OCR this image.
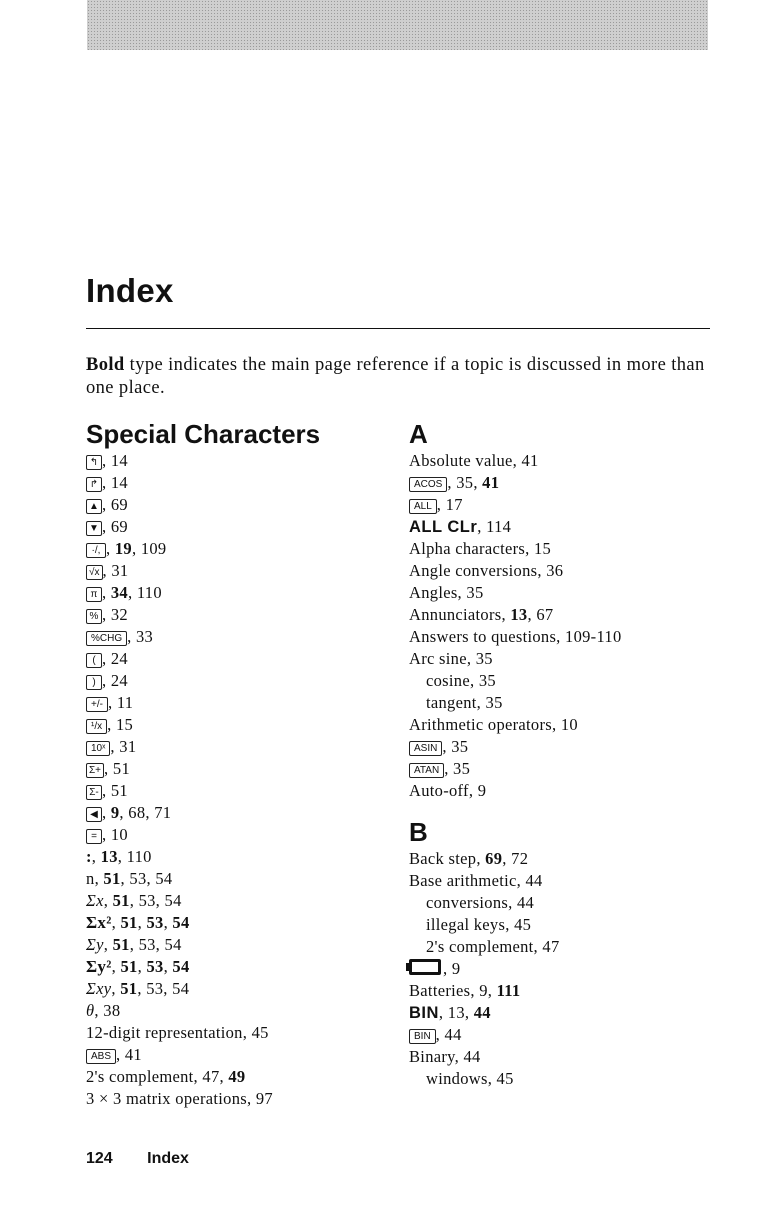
Index

Bold type indicates the main page reference if a topic is discussed in more than one place.

Special Characters
↰ , 14
↱ , 14
▲ , 69
▼ , 69
·/, , 19, 109
√x , 31
π , 34, 110
% , 32
%CHG , 33
( , 24
) , 24
+/- , 11
¹/x , 15
10ˣ , 31
Σ+ , 51
Σ- , 51
◀ , 9, 68, 71
= , 10
:, 13, 110
n, 51, 53, 54
Σx, 51, 53, 54
Σx², 51, 53, 54
Σy, 51, 53, 54
Σy², 51, 53, 54
Σxy, 51, 53, 54
θ, 38
12-digit representation, 45
ABS , 41
2's complement, 47, 49
3 × 3 matrix operations, 97
A
Absolute value, 41
ACOS , 35, 41
ALL , 17
ALL CLr, 114
Alpha characters, 15
Angle conversions, 36
Angles, 35
Annunciators, 13, 67
Answers to questions, 109-110
Arc sine, 35
cosine, 35
tangent, 35
Arithmetic operators, 10
ASIN , 35
ATAN , 35
Auto-off, 9
B
Back step, 69, 72
Base arithmetic, 44
conversions, 44
illegal keys, 45
2's complement, 47
, 9
Batteries, 9, 111
BIN, 13, 44
BIN , 44
Binary, 44
windows, 45
124 Index
